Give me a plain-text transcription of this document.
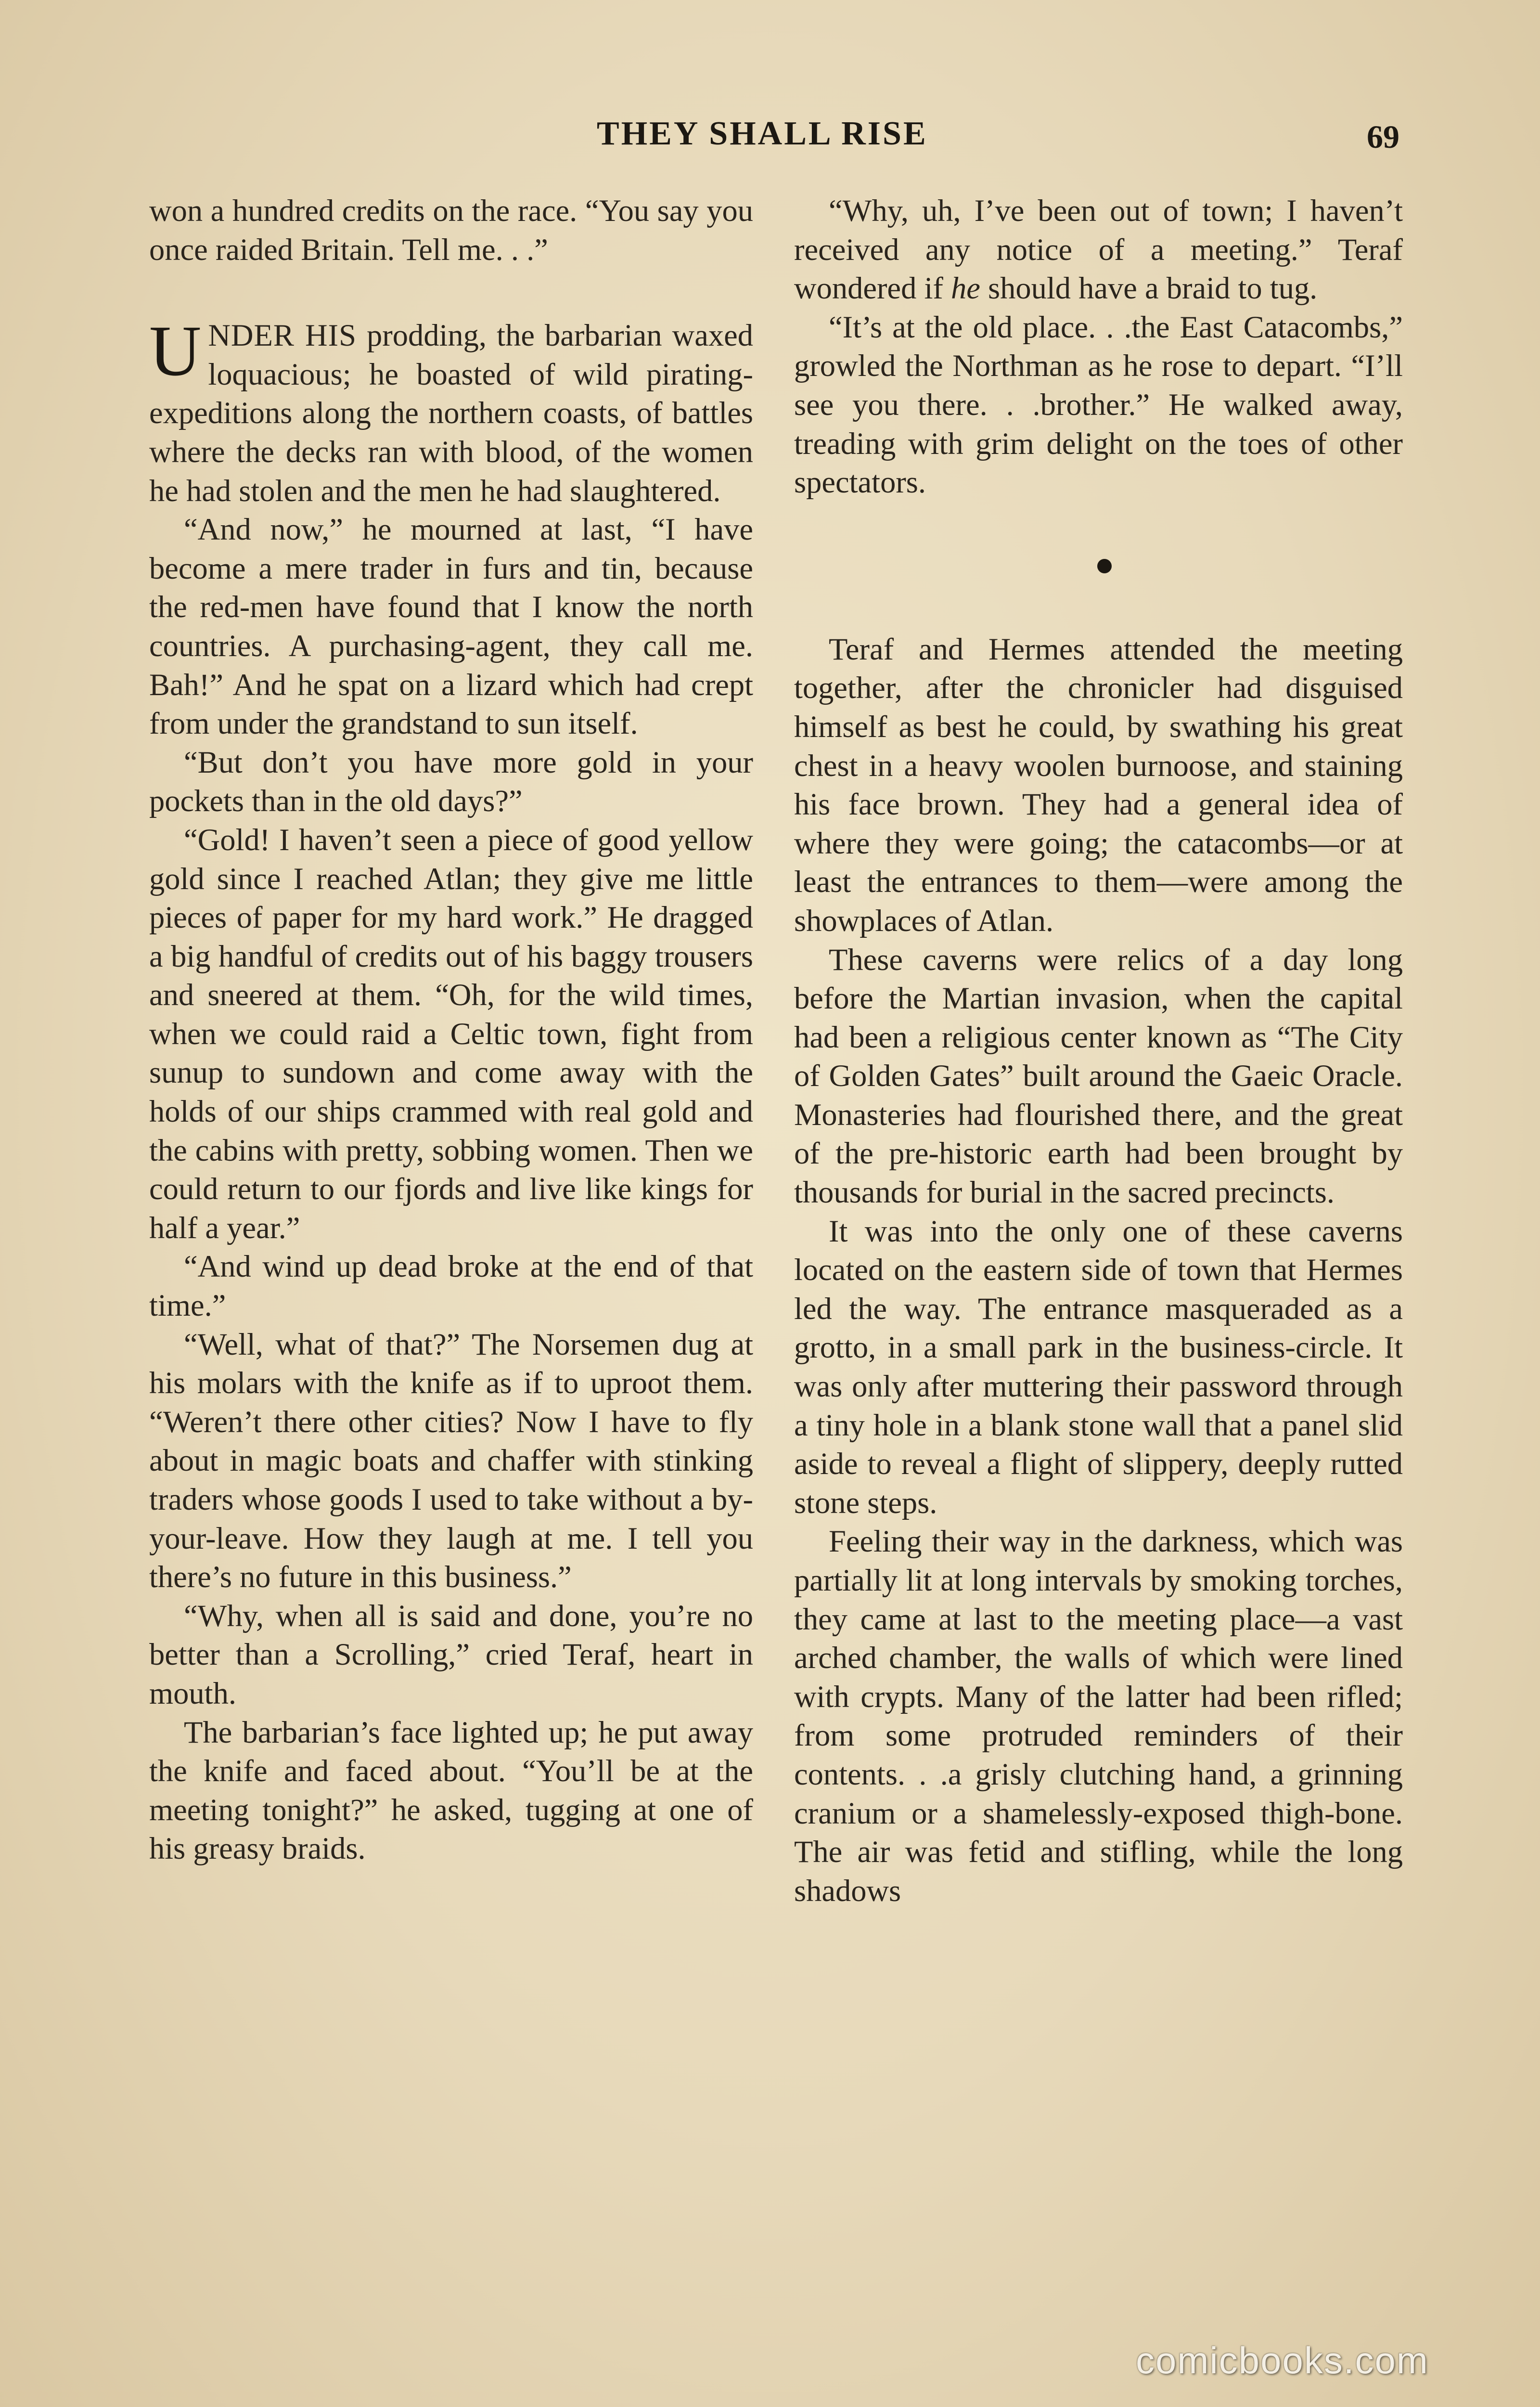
THEY SHALL RISE	69

won a hundred credits on the race. “You say you once raided Britain. Tell me. . .”

UNDER HIS prodding, the barbarian waxed loquacious; he boasted of wild pirating-expeditions along the northern coasts, of battles where the decks ran with blood, of the women he had stolen and the men he had slaughtered.

“And now,” he mourned at last, “I have become a mere trader in furs and tin, because the red-men have found that I know the north countries. A purchasing-agent, they call me. Bah!” And he spat on a lizard which had crept from under the grandstand to sun itself.

“But don’t you have more gold in your pockets than in the old days?”

“Gold! I haven’t seen a piece of good yellow gold since I reached Atlan; they give me little pieces of paper for my hard work.” He dragged a big handful of credits out of his baggy trousers and sneered at them. “Oh, for the wild times, when we could raid a Celtic town, fight from sunup to sundown and come away with the holds of our ships crammed with real gold and the cabins with pretty, sobbing women. Then we could return to our fjords and live like kings for half a year.”

“And wind up dead broke at the end of that time.”

“Well, what of that?” The Norsemen dug at his molars with the knife as if to uproot them. “Weren’t there other cities? Now I have to fly about in magic boats and chaffer with stinking traders whose goods I used to take without a by-your-leave. How they laugh at me. I tell you there’s no future in this business.”

“Why, when all is said and done, you’re no better than a Scrolling,” cried Teraf, heart in mouth.

The barbarian’s face lighted up; he put away the knife and faced about. “You’ll be at the meeting tonight?” he asked, tugging at one of his greasy braids.

“Why, uh, I’ve been out of town; I haven’t received any notice of a meeting.” Teraf wondered if he should have a braid to tug.

“It’s at the old place. . .the East Catacombs,” growled the Northman as he rose to depart. “I’ll see you there. . .brother.” He walked away, treading with grim delight on the toes of other spectators.

Teraf and Hermes attended the meeting together, after the chronicler had disguised himself as best he could, by swathing his great chest in a heavy woolen burnoose, and staining his face brown. They had a general idea of where they were going; the catacombs—or at least the entrances to them—were among the showplaces of Atlan.

These caverns were relics of a day long before the Martian invasion, when the capital had been a religious center known as “The City of Golden Gates” built around the Gaeic Oracle. Monasteries had flourished there, and the great of the pre-historic earth had been brought by thousands for burial in the sacred precincts.

It was into the only one of these caverns located on the eastern side of town that Hermes led the way. The entrance masqueraded as a grotto, in a small park in the business-circle. It was only after muttering their password through a tiny hole in a blank stone wall that a panel slid aside to reveal a flight of slippery, deeply rutted stone steps.

Feeling their way in the darkness, which was partially lit at long intervals by smoking torches, they came at last to the meeting place—a vast arched chamber, the walls of which were lined with crypts. Many of the latter had been rifled; from some protruded reminders of their contents. . .a grisly clutching hand, a grinning cranium or a shamelessly-exposed thigh-bone. The air was fetid and stifling, while the long shadows

comicbooks.com
